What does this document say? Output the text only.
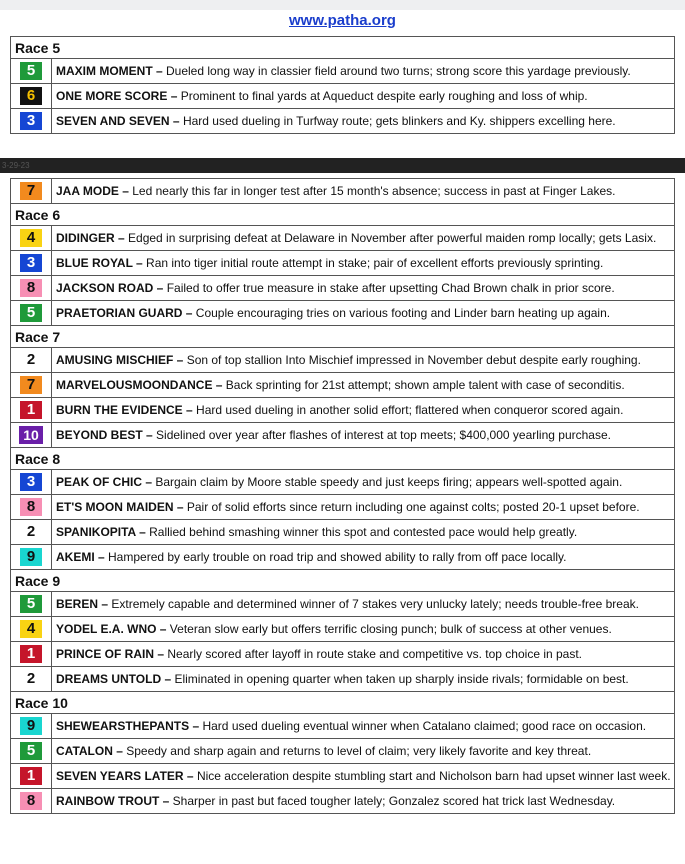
www.patha.org
Race 5	
5	MAXIM MOMENT – Dueled long way in classier field around two turns; strong score this yardage previously.
6	ONE MORE SCORE – Prominent to final yards at Aqueduct despite early roughing and loss of whip.
3	SEVEN AND SEVEN – Hard used dueling in Turfway route; gets blinkers and Ky. shippers excelling here.
3-29-23
7	JAA MODE – Led nearly this far in longer test after 15 month's absence; success in past at Finger Lakes.
Race 6	
4	DIDINGER – Edged in surprising defeat at Delaware in November after powerful maiden romp locally; gets Lasix.
3	BLUE ROYAL – Ran into tiger initial route attempt in stake; pair of excellent efforts previously sprinting.
8	JACKSON ROAD – Failed to offer true measure in stake after upsetting Chad Brown chalk in prior score.
5	PRAETORIAN GUARD – Couple encouraging tries on various footing and Linder barn heating up again.
Race 7	
2	AMUSING MISCHIEF – Son of top stallion Into Mischief impressed in November debut despite early roughing.
7	MARVELOUSMOONDANCE – Back sprinting for 21st attempt; shown ample talent with case of seconditis.
1	BURN THE EVIDENCE – Hard used dueling in another solid effort; flattered when conqueror scored again.
10	BEYOND BEST – Sidelined over year after flashes of interest at top meets; $400,000 yearling purchase.
Race 8	
3	PEAK OF CHIC – Bargain claim by Moore stable speedy and just keeps firing; appears well-spotted again.
8	ET'S MOON MAIDEN – Pair of solid efforts since return including one against colts; posted 20-1 upset before.
2	SPANIKOPITA – Rallied behind smashing winner this spot and contested pace would help greatly.
9	AKEMI – Hampered by early trouble on road trip and showed ability to rally from off pace locally.
Race 9	
5	BEREN – Extremely capable and determined winner of 7 stakes very unlucky lately; needs trouble-free break.
4	YODEL E.A. WNO – Veteran slow early but offers terrific closing punch; bulk of success at other venues.
1	PRINCE OF RAIN – Nearly scored after layoff in route stake and competitive vs. top choice in past.
2	DREAMS UNTOLD – Eliminated in opening quarter when taken up sharply inside rivals; formidable on best.
Race 10	
9	SHEWEARSTHEPANTS – Hard used dueling eventual winner when Catalano claimed; good race on occasion.
5	CATALON – Speedy and sharp again and returns to level of claim; very likely favorite and key threat.
1	SEVEN YEARS LATER – Nice acceleration despite stumbling start and Nicholson barn had upset winner last week.
8	RAINBOW TROUT – Sharper in past but faced tougher lately; Gonzalez scored hat trick last Wednesday.
